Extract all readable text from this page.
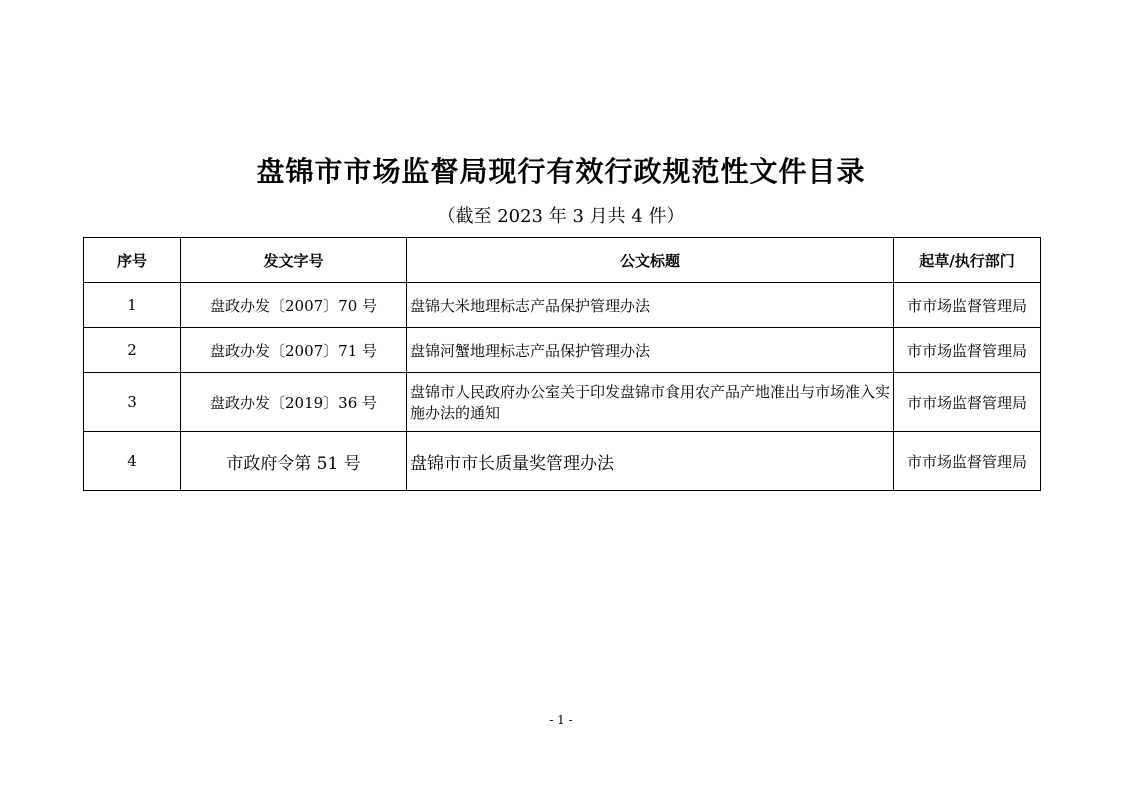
盘锦市市场监督局现行有效行政规范性文件目录
（截至 2023 年 3 月共 4 件）
序号	发文字号	公文标题	起草/执行部门
1	盘政办发〔2007〕70 号	盘锦大米地理标志产品保护管理办法	市市场监督管理局
2	盘政办发〔2007〕71 号	盘锦河蟹地理标志产品保护管理办法	市市场监督管理局
3	盘政办发〔2019〕36 号	盘锦市人民政府办公室关于印发盘锦市食用农产品产地准出与市场准入实施办法的通知	市市场监督管理局
4	市政府令第 51 号	盘锦市市长质量奖管理办法	市市场监督管理局
- 1 -
